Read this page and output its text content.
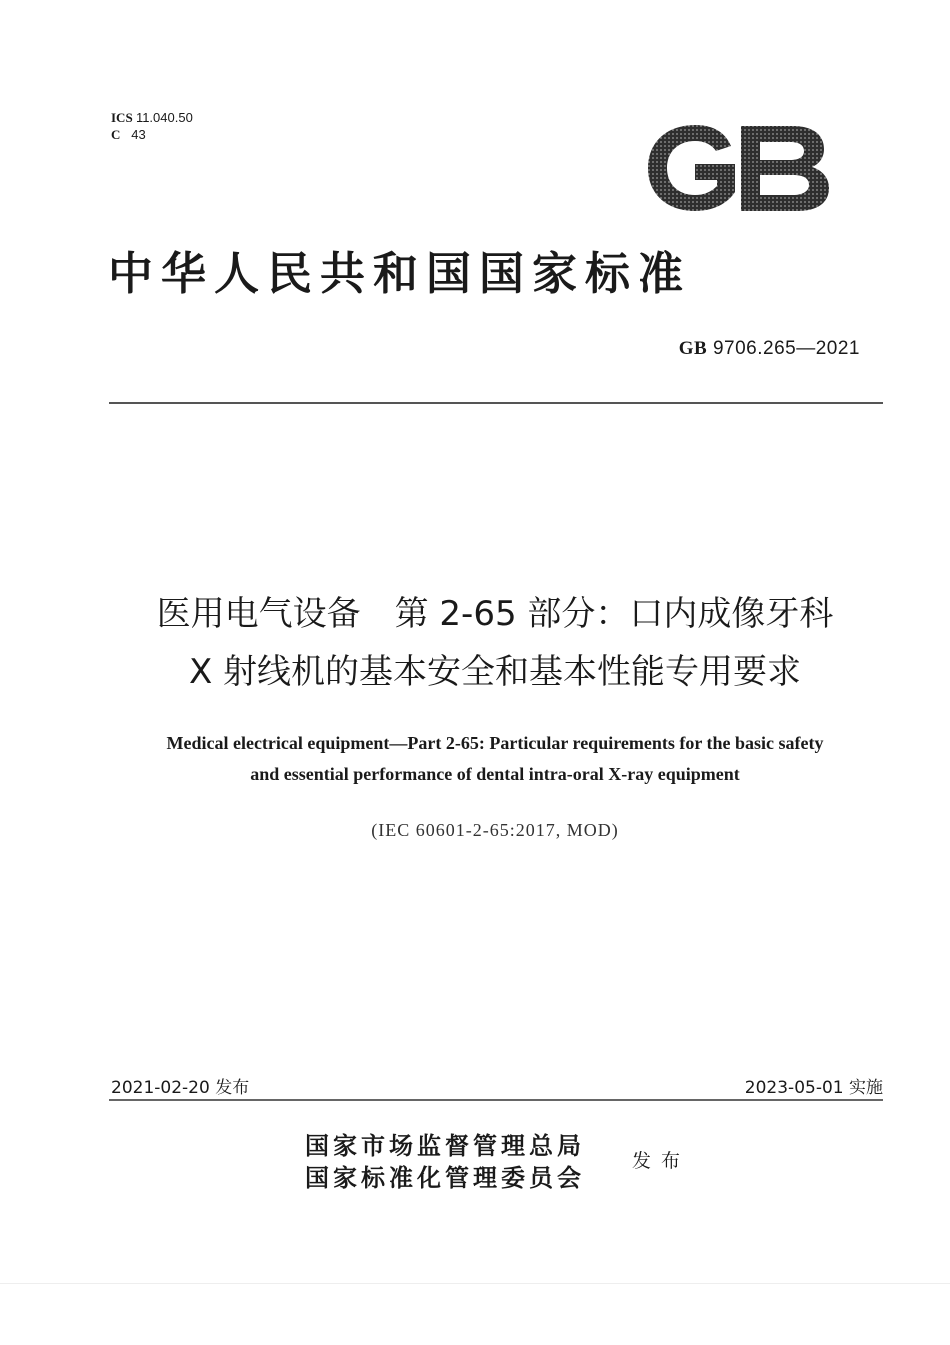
ICS 11.040.50
C 43
中华人民共和国国家标准
GB 9706.265—2021
医用电气设备　第 2-65 部分：口内成像牙科
X 射线机的基本安全和基本性能专用要求
Medical electrical equipment—Part 2-65: Particular requirements for the basic safety
and essential performance of dental intra-oral X-ray equipment
(IEC 60601-2-65:2017, MOD)
2021-02-20 发布	2023-05-01 实施
国家市场监督管理总局
国家标准化管理委员会
发布
